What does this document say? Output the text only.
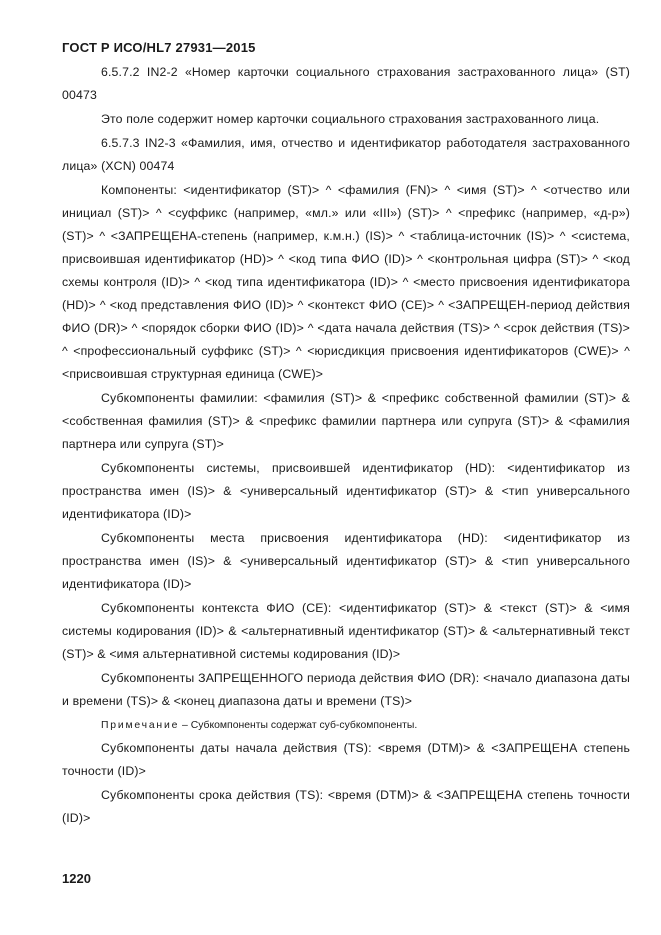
ГОСТ Р ИСО/HL7 27931—2015

6.5.7.2 IN2-2 «Номер карточки социального страхования застрахованного лица» (ST) 00473

Это поле содержит номер карточки социального страхования застрахованного лица.

6.5.7.3 IN2-3 «Фамилия, имя, отчество и идентификатор работодателя застрахованного лица» (XCN) 00474

Компоненты: <идентификатор (ST)> ^ <фамилия (FN)> ^ <имя (ST)> ^ <отчество или инициал (ST)> ^ <суффикс (например, «мл.» или «III») (ST)> ^ <префикс (например, «д-р») (ST)> ^ <ЗАПРЕЩЕНА-степень (например, к.м.н.) (IS)> ^ <таблица-источник (IS)> ^ <система, присвоившая идентификатор (HD)> ^ <код типа ФИО (ID)> ^ <контрольная цифра (ST)> ^ <код схемы контроля (ID)> ^ <код типа идентификатора (ID)> ^ <место присвоения идентификатора (HD)> ^ <код представления ФИО (ID)> ^ <контекст ФИО (CE)> ^ <ЗАПРЕЩЕН-период действия ФИО (DR)> ^ <порядок сборки ФИО (ID)> ^ <дата начала действия (TS)> ^ <срок действия (TS)> ^ <профессиональный суффикс (ST)> ^ <юрисдикция присвоения идентификаторов (CWE)> ^ <присвоившая структурная единица (CWE)>

Субкомпоненты фамилии: <фамилия (ST)> & <префикс собственной фамилии (ST)> & <собственная фамилия (ST)> & <префикс фамилии партнера или супруга (ST)> & <фамилия партнера или супруга (ST)>

Субкомпоненты системы, присвоившей идентификатор (HD): <идентификатор из пространства имен (IS)> & <универсальный идентификатор (ST)> & <тип универсального идентификатора (ID)>

Субкомпоненты места присвоения идентификатора (HD): <идентификатор из пространства имен (IS)> & <универсальный идентификатор (ST)> & <тип универсального идентификатора (ID)>

Субкомпоненты контекста ФИО (CE): <идентификатор (ST)> & <текст (ST)> & <имя системы кодирования (ID)> & <альтернативный идентификатор (ST)> & <альтернативный текст (ST)> & <имя альтернативной системы кодирования (ID)>

Субкомпоненты ЗАПРЕЩЕННОГО периода действия ФИО (DR): <начало диапазона даты и времени (TS)> & <конец диапазона даты и времени (TS)>

Примечание – Субкомпоненты содержат суб-субкомпоненты.

Субкомпоненты даты начала действия (TS): <время (DTM)> & <ЗАПРЕЩЕНА степень точности (ID)>

Субкомпоненты срока действия (TS): <время (DTM)> & <ЗАПРЕЩЕНА степень точности (ID)>

1220
